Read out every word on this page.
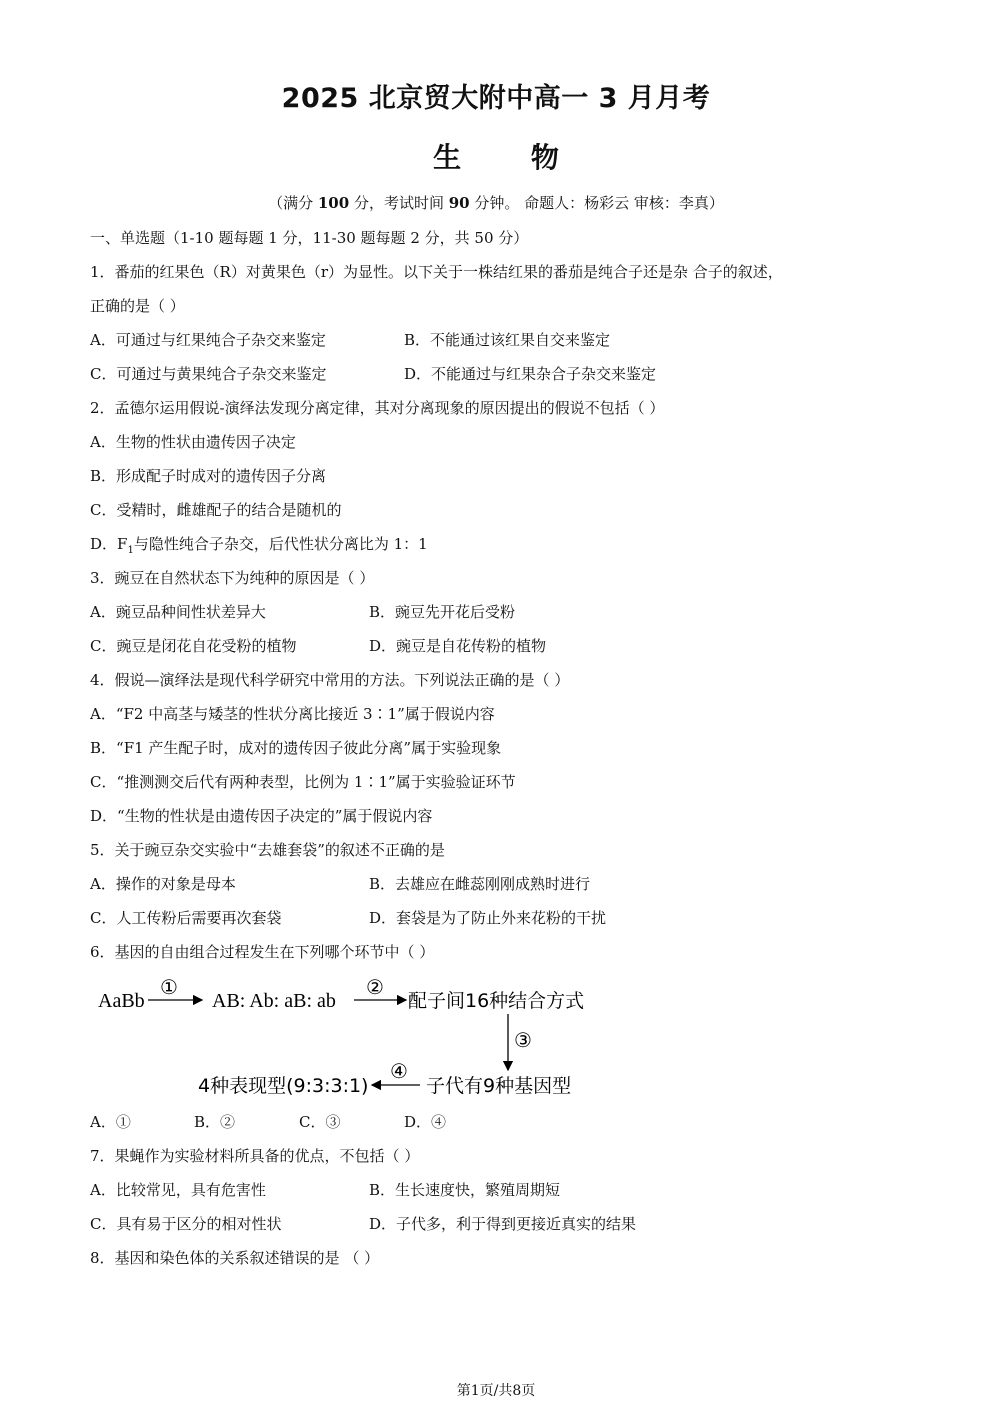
2025 北京贸大附中高一 3 月月考
生 物
（满分 100 分，考试时间 90 分钟。 命题人：杨彩云 审核：李真）
一、单选题（1-10 题每题 1 分，11-30 题每题 2 分，共 50 分）
1．番茄的红果色（R）对黄果色（r）为显性。以下关于一株结红果的番茄是纯合子还是杂 合子的叙述，
正确的是（ ）
A．可通过与红果纯合子杂交来鉴定	B．不能通过该红果自交来鉴定
C．可通过与黄果纯合子杂交来鉴定	D．不能通过与红果杂合子杂交来鉴定
2．孟德尔运用假说-演绎法发现分离定律，其对分离现象的原因提出的假说不包括（ ）
A．生物的性状由遗传因子决定
B．形成配子时成对的遗传因子分离
C．受精时，雌雄配子的结合是随机的
D．$F_1$与隐性纯合子杂交，后代性状分离比为 1：1
3．豌豆在自然状态下为纯种的原因是（ ）
A．豌豆品种间性状差异大	B．豌豆先开花后受粉
C．豌豆是闭花自花受粉的植物	D．豌豆是自花传粉的植物
4．假说—演绎法是现代科学研究中常用的方法。下列说法正确的是（ ）
A．“F2 中高茎与矮茎的性状分离比接近 3∶1”属于假说内容
B．“F1 产生配子时，成对的遗传因子彼此分离”属于实验现象
C．“推测测交后代有两种表型，比例为 1∶1”属于实验验证环节
D．“生物的性状是由遗传因子决定的”属于假说内容
5．关于豌豆杂交实验中“去雄套袋”的叙述不正确的是
A．操作的对象是母本	B．去雄应在雌蕊刚刚成熟时进行
C．人工传粉后需要再次套袋	D．套袋是为了防止外来花粉的干扰
6．基因的自由组合过程发生在下列哪个环节中（ ）
AaBb
①
AB: Ab: aB: ab
②
配子间16种结合方式
③
子代有9种基因型
④
4种表现型(9:3:3:1)
A．①	B．②	C．③	D．④
7．果蝇作为实验材料所具备的优点，不包括（ ）
A．比较常见，具有危害性	B．生长速度快，繁殖周期短
C．具有易于区分的相对性状	D．子代多，利于得到更接近真实的结果
8．基因和染色体的关系叙述错误的是 （ ）
第1页/共8页
